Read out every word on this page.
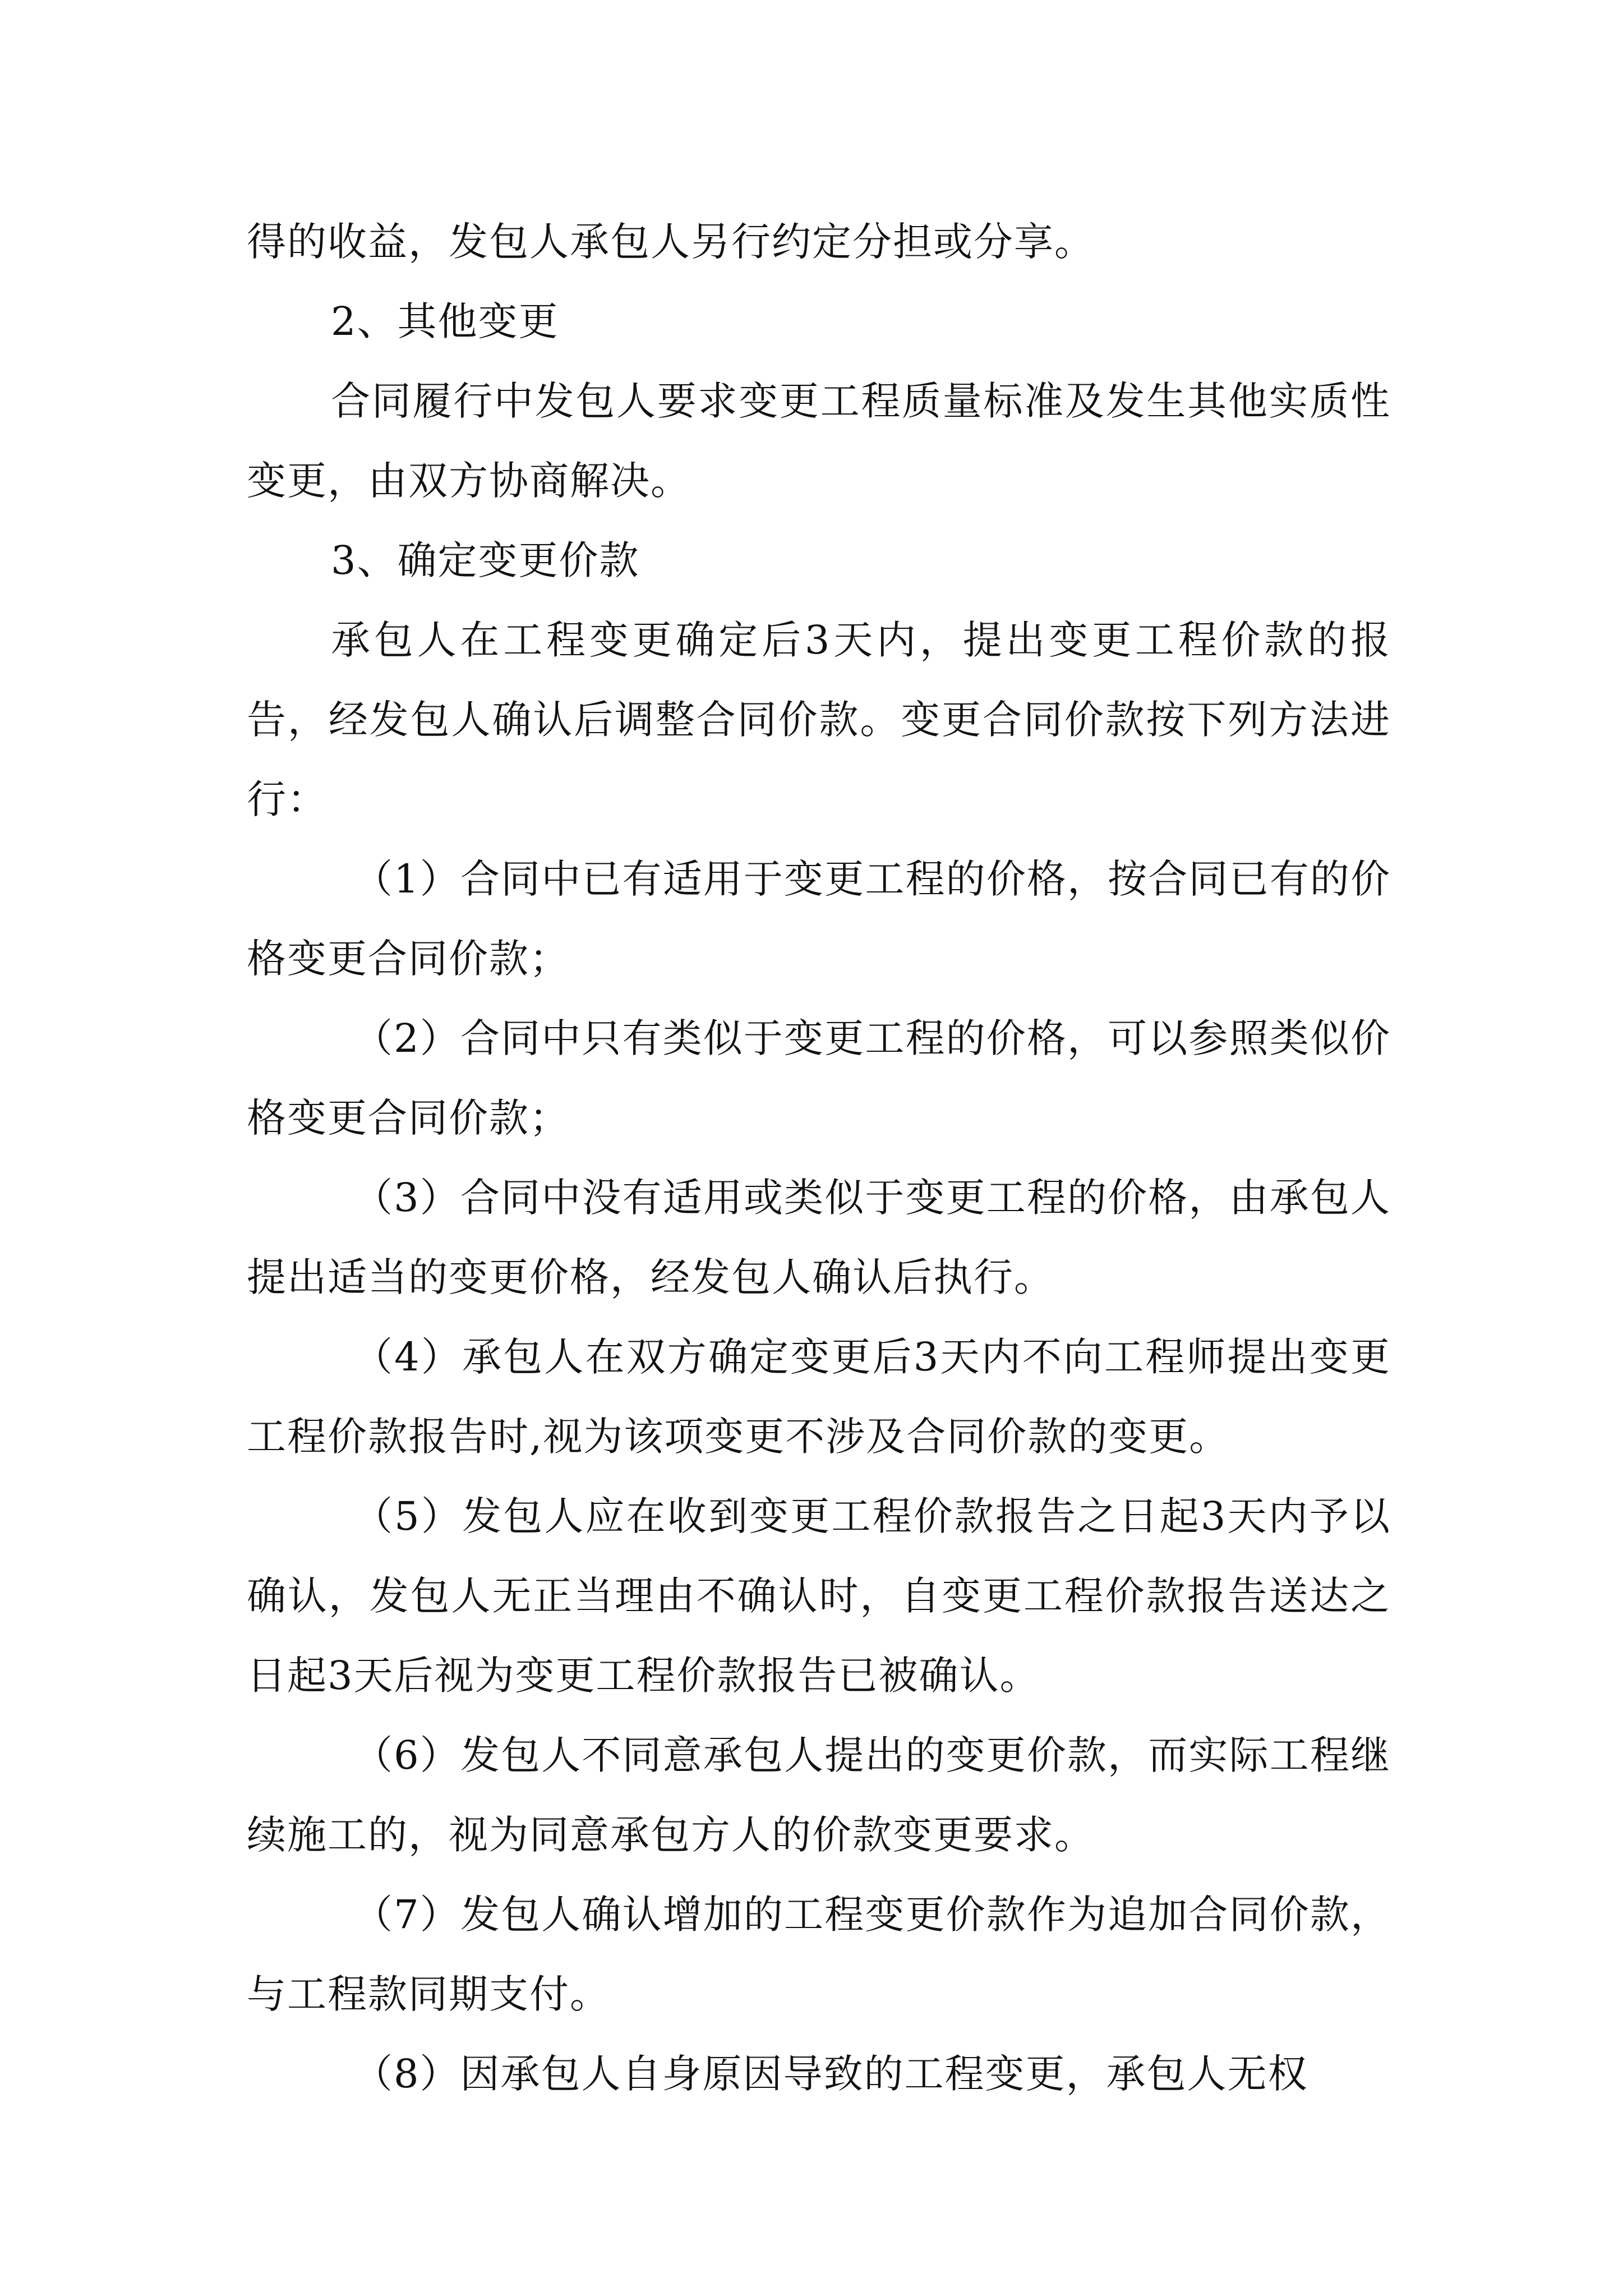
得的收益，发包人承包人另行约定分担或分享。

2、其他变更

合同履行中发包人要求变更工程质量标准及发生其他实质性变更，由双方协商解决。

3、确定变更价款

承包人在工程变更确定后3天内，提出变更工程价款的报告，经发包人确认后调整合同价款。变更合同价款按下列方法进行：

（1）合同中已有适用于变更工程的价格，按合同已有的价格变更合同价款；

（2）合同中只有类似于变更工程的价格，可以参照类似价格变更合同价款；

（3）合同中没有适用或类似于变更工程的价格，由承包人提出适当的变更价格，经发包人确认后执行。

（4）承包人在双方确定变更后3天内不向工程师提出变更工程价款报告时,视为该项变更不涉及合同价款的变更。

（5）发包人应在收到变更工程价款报告之日起3天内予以确认，发包人无正当理由不确认时，自变更工程价款报告送达之日起3天后视为变更工程价款报告已被确认。

（6）发包人不同意承包人提出的变更价款，而实际工程继续施工的，视为同意承包方人的价款变更要求。

（7）发包人确认增加的工程变更价款作为追加合同价款，与工程款同期支付。

（8）因承包人自身原因导致的工程变更，承包人无权
